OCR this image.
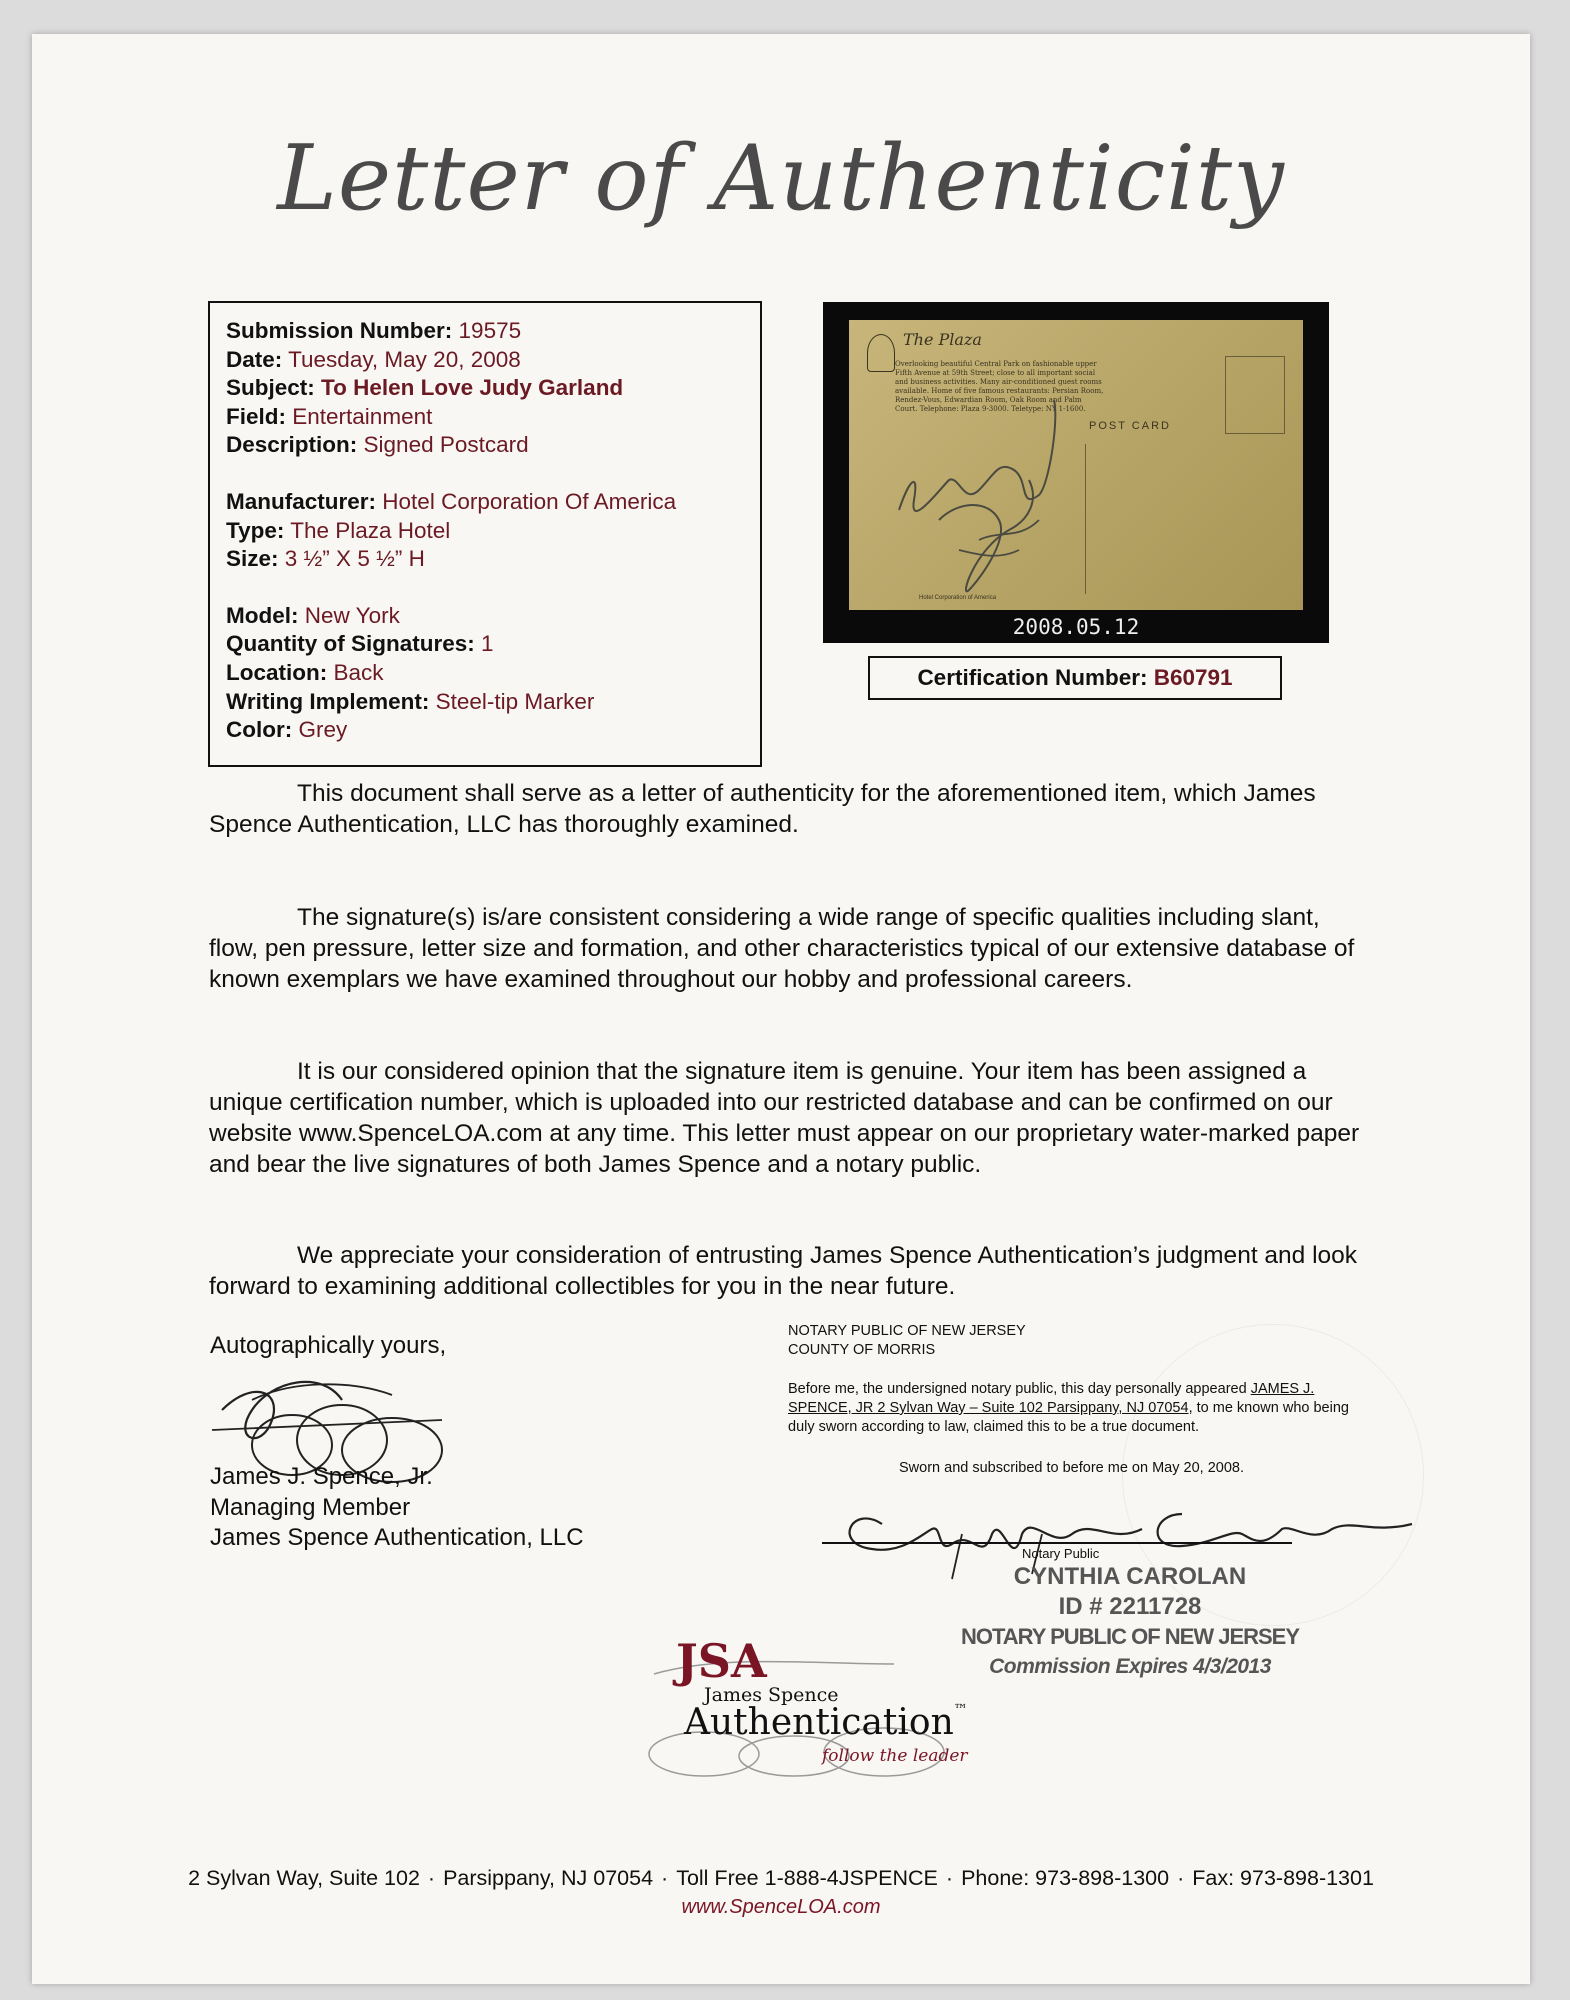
Letter of Authenticity
Submission Number: 19575
Date: Tuesday, May 20, 2008
Subject: To Helen Love Judy Garland
Field: Entertainment
Description: Signed Postcard
Manufacturer: Hotel Corporation Of America
Type: The Plaza Hotel
Size: 3 ½” X 5 ½” H
Model: New York
Quantity of Signatures: 1
Location: Back
Writing Implement: Steel-tip Marker
Color: Grey
The Plaza
Overlooking beautiful Central Park on fashionable upper Fifth Avenue at 59th Street; close to all important social and business activities. Many air-conditioned guest rooms available. Home of five famous restaurants: Persian Room, Rendez-Vous, Edwardian Room, Oak Room and Palm Court. Telephone: Plaza 9-3000. Teletype: NY 1-1600.
POST CARD
Hotel Corporation of America
2008.05.12
Certification Number: B60791

This document shall serve as a letter of authenticity for the aforementioned item, which James Spence Authentication, LLC has thoroughly examined.

The signature(s) is/are consistent considering a wide range of specific qualities including slant, flow, pen pressure, letter size and formation, and other characteristics typical of our extensive database of known exemplars we have examined throughout our hobby and professional careers.

It is our considered opinion that the signature item is genuine. Your item has been assigned a unique certification number, which is uploaded into our restricted database and can be confirmed on our website www.SpenceLOA.com at any time. This letter must appear on our proprietary water-marked paper and bear the live signatures of both James Spence and a notary public.

We appreciate your consideration of entrusting James Spence Authentication’s judgment and look forward to examining additional collectibles for you in the near future.

Autographically yours,
James J. Spence, Jr.
Managing Member
James Spence Authentication, LLC
NOTARY PUBLIC OF NEW JERSEY
COUNTY OF MORRIS
Before me, the undersigned notary public, this day personally appeared JAMES J. SPENCE, JR 2 Sylvan Way – Suite 102 Parsippany, NJ 07054, to me known who being duly sworn according to law, claimed this to be a true document.
Sworn and subscribed to before me on May 20, 2008.
Notary Public
CYNTHIA CAROLAN
ID # 2211728
NOTARY PUBLIC OF NEW JERSEY
Commission Expires 4/3/2013
JSA
James Spence
Authentication™
follow the leader
2 Sylvan Way, Suite 102 · Parsippany, NJ 07054 · Toll Free 1-888-4JSPENCE · Phone: 973-898-1300 · Fax: 973-898-1301
www.SpenceLOA.com
